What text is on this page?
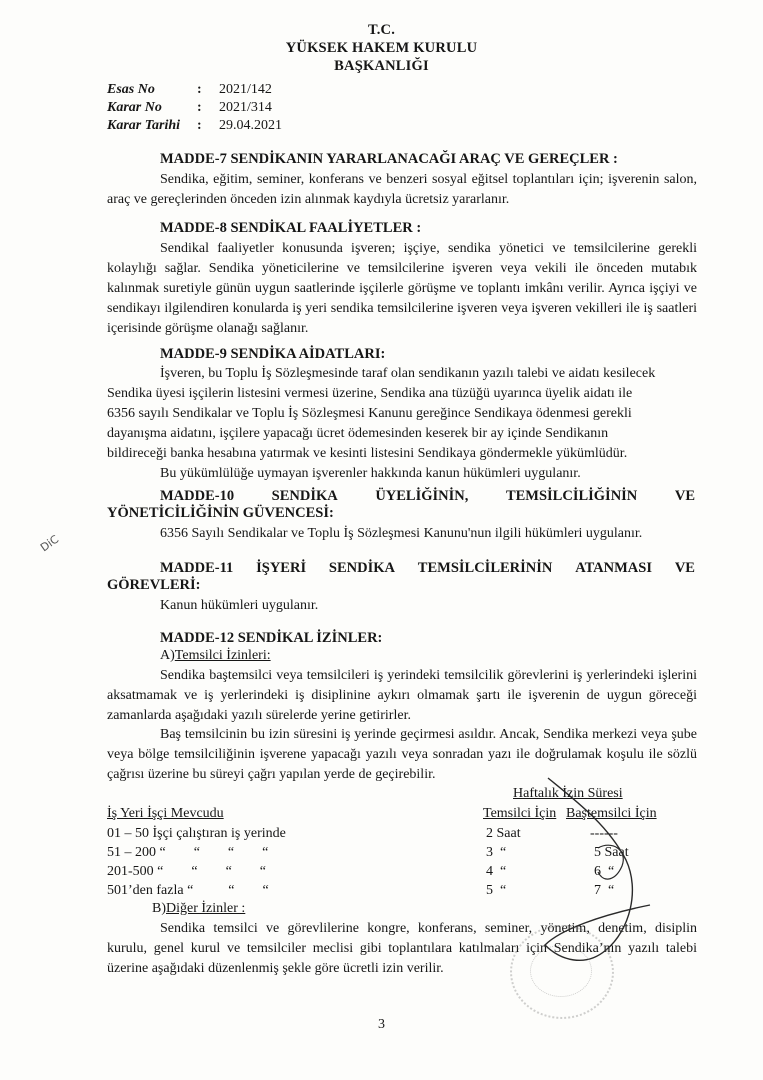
T.C.
YÜKSEK HAKEM KURULU
BAŞKANLIĞI
Esas No	: 2021/142
Karar No	: 2021/314
Karar Tarihi : 29.04.2021
MADDE-7 SENDİKANIN YARARLANACAĞI ARAÇ VE GEREÇLER :
Sendika, eğitim, seminer, konferans ve benzeri sosyal eğitsel toplantıları için; işverenin salon, araç ve gereçlerinden önceden izin alınmak kaydıyla ücretsiz yararlanır.
MADDE-8 SENDİKAL FAALİYETLER :
Sendikal faaliyetler konusunda işveren; işçiye, sendika yönetici ve temsilcilerine gerekli kolaylığı sağlar. Sendika yöneticilerine ve temsilcilerine işveren veya vekili ile önceden mutabık kalınmak suretiyle günün uygun saatlerinde işçilerle görüşme ve toplantı imkânı verilir. Ayrıca işçiyi ve sendikayı ilgilendiren konularda iş yeri sendika temsilcilerine işveren veya işveren vekilleri ile iş saatleri içerisinde görüşme olanağı sağlanır.
MADDE-9 SENDİKA AİDATLARI:
İşveren, bu Toplu İş Sözleşmesinde taraf olan sendikanın yazılı talebi ve aidatı kesilecek
Sendika üyesi işçilerin listesini vermesi üzerine, Sendika ana tüzüğü uyarınca üyelik aidatı ile
6356 sayılı Sendikalar ve Toplu İş Sözleşmesi Kanunu gereğince Sendikaya ödenmesi gerekli
dayanışma aidatını, işçilere yapacağı ücret ödemesinden keserek bir ay içinde Sendikanın
bildireceği banka hesabına yatırmak ve kesinti listesini Sendikaya göndermekle yükümlüdür.
Bu yükümlülüğe uymayan işverenler hakkında kanun hükümleri uygulanır.
MADDE-10	SENDİKA	ÜYELİĞİNİN,	TEMSİLCİLİĞİNİN	VE
YÖNETİCİLİĞİNİN GÜVENCESİ:
6356 Sayılı Sendikalar ve Toplu İş Sözleşmesi Kanunu'nun ilgili hükümleri uygulanır.
MADDE-11 İŞYERİ SENDİKA TEMSİLCİLERİNİN ATANMASI VE
GÖREVLERİ:
Kanun hükümleri uygulanır.
MADDE-12 SENDİKAL İZİNLER:
A)Temsilci İzinleri:
Sendika baştemsilci veya temsilcileri iş yerindeki temsilcilik görevlerini iş yerlerindeki işlerini aksatmamak ve iş yerlerindeki iş disiplinine aykırı olmamak şartı ile işverenin de uygun göreceği zamanlarda aşağıdaki yazılı sürelerde yerine getirirler.
Baş temsilcinin bu izin süresini iş yerinde geçirmesi asıldır. Ancak, Sendika merkezi veya şube veya bölge temsilciliğinin işverene yapacağı yazılı veya sonradan yazı ile doğrulamak koşulu ile sözlü çağrısı üzerine bu süreyi çağrı yapılan yerde de geçirebilir.
Haftalık İzin Süresi
İş Yeri İşçi Mevcudu	Temsilci İçin Baştemsilci İçin
01 – 50 İşçi çalıştıran iş yerinde	2 Saat	------
51 – 200 “        “        “        “	3  “	5 Saat
201-500 “        “        “        “	4  “	6  “
501’den fazla “          “        “	5  “	7  “
B)Diğer İzinler :
Sendika temsilci ve görevlilerine kongre, konferans, seminer, yönetim, denetim, disiplin kurulu, genel kurul ve temsilciler meclisi gibi toplantılara katılmaları için Sendika’nın yazılı talebi üzerine aşağıdaki düzenlenmiş şekle göre ücretli izin verilir.
DiC
3
